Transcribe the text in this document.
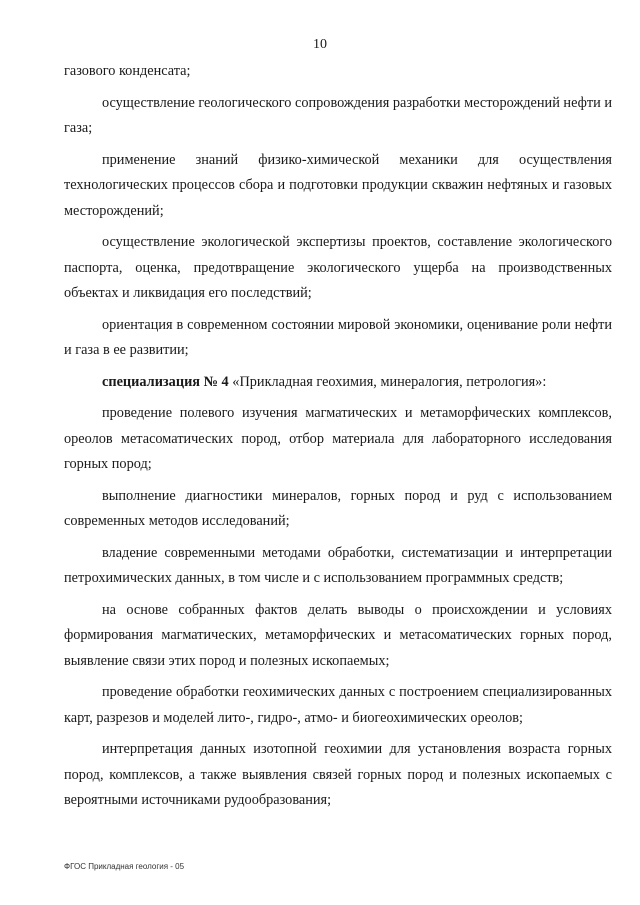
10

газового конденсата;

осуществление геологического сопровождения разработки месторождений нефти и газа;

применение знаний физико-химической механики для осуществления технологических процессов сбора и подготовки продукции скважин нефтяных и газовых месторождений;

осуществление экологической экспертизы проектов, составление экологического паспорта, оценка, предотвращение экологического ущерба на производственных объектах и ликвидация его последствий;

ориентация в современном состоянии мировой экономики, оценивание роли нефти и газа в ее развитии;

специализация № 4 «Прикладная геохимия, минералогия, петрология»:

проведение полевого изучения магматических и метаморфических комплексов, ореолов метасоматических пород, отбор материала для лабораторного исследования горных пород;

выполнение диагностики минералов, горных пород и руд с использованием современных методов исследований;

владение современными методами обработки, систематизации и интерпретации петрохимических данных, в том числе и с использованием программных средств;

на основе собранных фактов делать выводы о происхождении и условиях формирования магматических, метаморфических и метасоматических горных пород, выявление связи этих пород и полезных ископаемых;

проведение обработки геохимических данных с построением специализированных карт, разрезов и моделей лито-, гидро-, атмо- и биогеохимических ореолов;

интерпретация данных изотопной геохимии для установления возраста горных пород, комплексов, а также выявления связей горных пород и полезных ископаемых с вероятными источниками рудообразования;

ФГОС Прикладная геология - 05
